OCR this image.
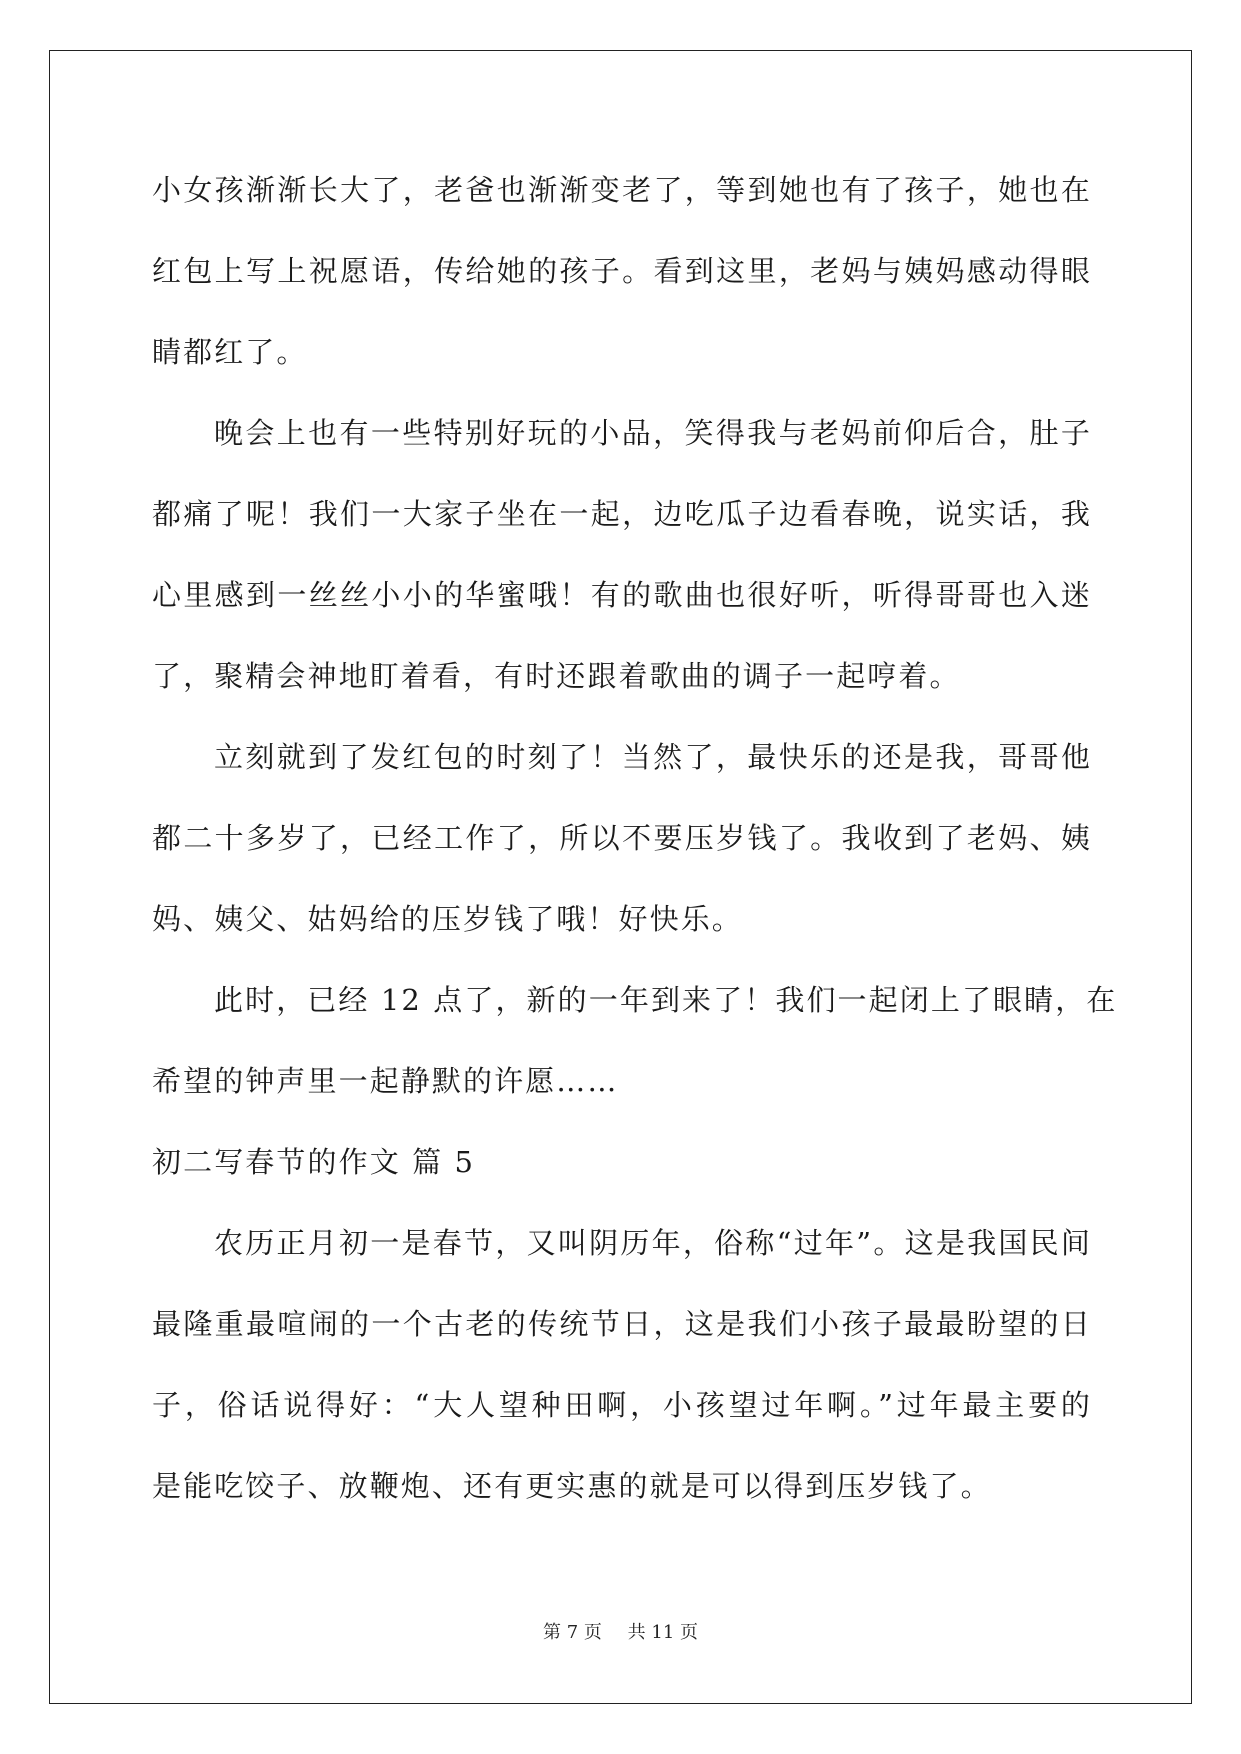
小女孩渐渐长大了，老爸也渐渐变老了，等到她也有了孩子，她也在
红包上写上祝愿语，传给她的孩子。看到这里，老妈与姨妈感动得眼
睛都红了。
晚会上也有一些特别好玩的小品，笑得我与老妈前仰后合，肚子
都痛了呢！我们一大家子坐在一起，边吃瓜子边看春晚，说实话，我
心里感到一丝丝小小的华蜜哦！有的歌曲也很好听，听得哥哥也入迷
了，聚精会神地盯着看，有时还跟着歌曲的调子一起哼着。
立刻就到了发红包的时刻了！当然了，最快乐的还是我，哥哥他
都二十多岁了，已经工作了，所以不要压岁钱了。我收到了老妈、姨
妈、姨父、姑妈给的压岁钱了哦！好快乐。
此时，已经 12 点了，新的一年到来了！我们一起闭上了眼睛，在
希望的钟声里一起静默的许愿……
初二写春节的作文 篇 5
农历正月初一是春节，又叫阴历年，俗称“过年”。这是我国民间
最隆重最喧闹的一个古老的传统节日，这是我们小孩子最最盼望的日
子，俗话说得好：“大人望种田啊，小孩望过年啊。”过年最主要的
是能吃饺子、放鞭炮、还有更实惠的就是可以得到压岁钱了。
第 7 页 共 11 页
